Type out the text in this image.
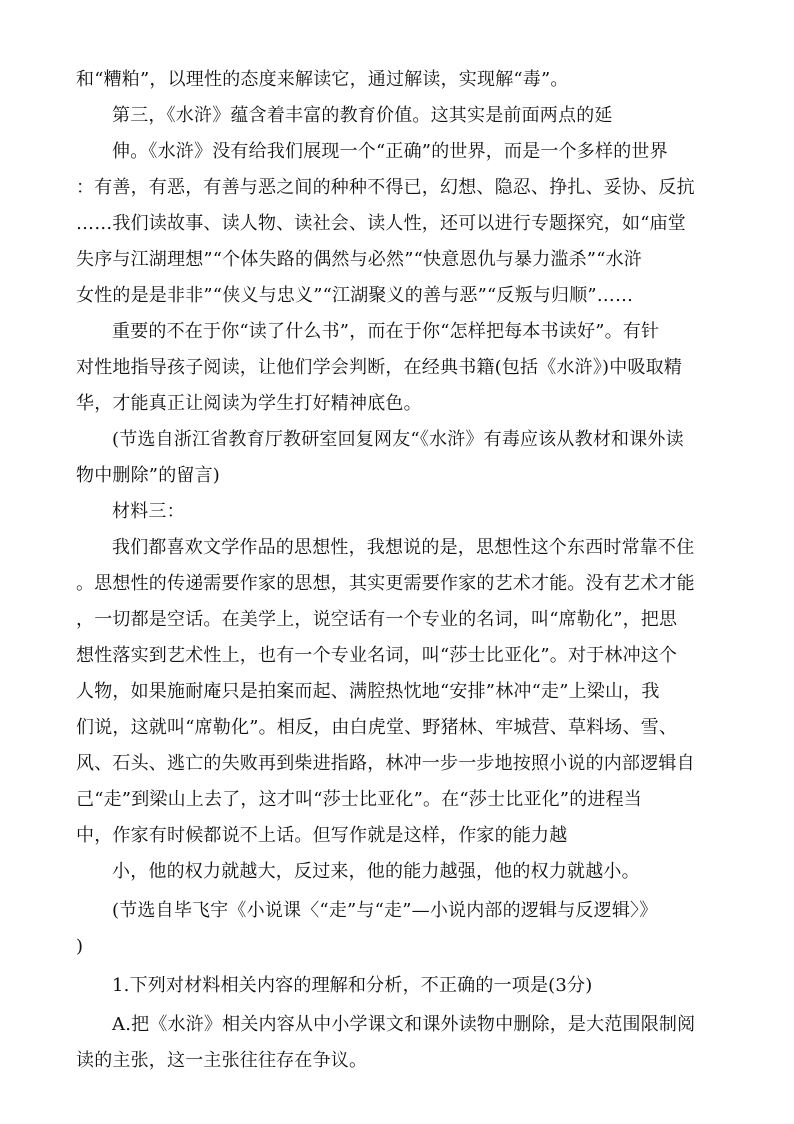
和“糟粕”，以理性的态度来解读它，通过解读，实现解“毒”。
第三，《水浒》蕴含着丰富的教育价值。这其实是前面两点的延
伸。《水浒》没有给我们展现一个“正确”的世界，而是一个多样的世界
：有善，有恶，有善与恶之间的种种不得已，幻想、隐忍、挣扎、妥协、反抗
……我们读故事、读人物、读社会、读人性，还可以进行专题探究，如“庙堂
失序与江湖理想”“个体失路的偶然与必然”“快意恩仇与暴力滥杀”“水浒
女性的是是非非”“侠义与忠义”“江湖聚义的善与恶”“反叛与归顺”……
重要的不在于你“读了什么书”，而在于你“怎样把每本书读好”。有针
对性地指导孩子阅读，让他们学会判断，在经典书籍(包括《水浒》)中吸取精
华，才能真正让阅读为学生打好精神底色。
(节选自浙江省教育厅教研室回复网友“《水浒》有毒应该从教材和课外读
物中删除”的留言)
材料三：
我们都喜欢文学作品的思想性，我想说的是，思想性这个东西时常靠不住
。思想性的传递需要作家的思想，其实更需要作家的艺术才能。没有艺术才能
，一切都是空话。在美学上，说空话有一个专业的名词，叫“席勒化”，把思
想性落实到艺术性上，也有一个专业名词，叫“莎士比亚化”。对于林冲这个
人物，如果施耐庵只是拍案而起、满腔热忱地“安排”林冲“走”上梁山，我
们说，这就叫“席勒化”。相反，由白虎堂、野猪林、牢城营、草料场、雪、
风、石头、逃亡的失败再到柴进指路，林冲一步一步地按照小说的内部逻辑自
己“走”到梁山上去了，这才叫“莎士比亚化”。在“莎士比亚化”的进程当
中，作家有时候都说不上话。但写作就是这样，作家的能力越
小，他的权力就越大，反过来，他的能力越强，他的权力就越小。
(节选自毕飞宇《小说课〈“走”与“走”—小说内部的逻辑与反逻辑〉》
)
1.下列对材料相关内容的理解和分析，不正确的一项是(3分)
A.把《水浒》相关内容从中小学课文和课外读物中删除，是大范围限制阅
读的主张，这一主张往往存在争议。
